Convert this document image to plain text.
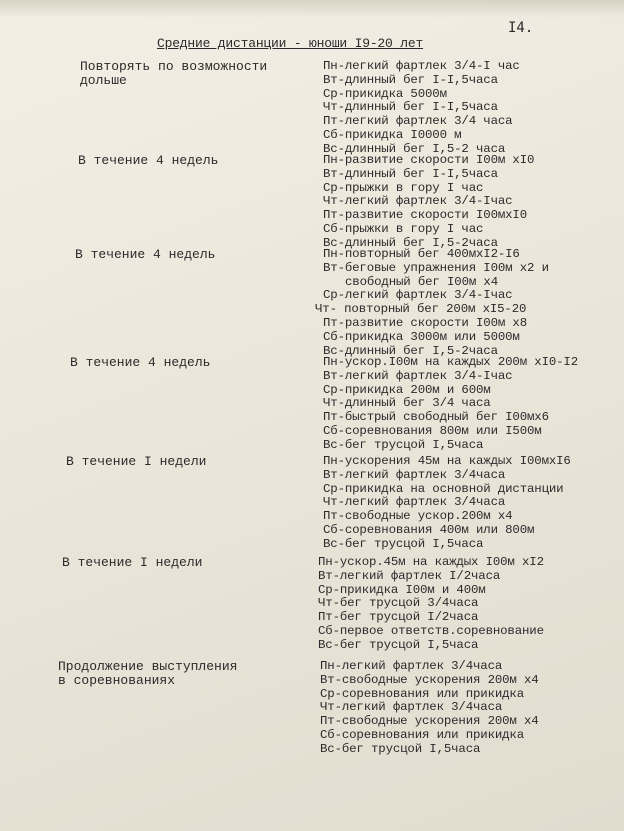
I4.
Средние дистанции - юноши I9-20 лет
Повторять по возможности
дольше
Пн-легкий фартлек 3/4-I час
Вт-длинный бег I-I,5часа
Ср-прикидка 5000м
Чт-длинный бег I-I,5часа
Пт-легкий фартлек 3/4 часа
Сб-прикидка I0000 м
Вс-длинный бег I,5-2 часа
В течение 4 недель	Пн-развитие скорости I00м хI0
Вт-длинный бег I-I,5часа
Ср-прыжки в гору I час
Чт-легкий фартлек 3/4-Iчас
Пт-развитие скорости I00мхI0
Сб-прыжки в гору I час
Вс-длинный бег I,5-2часа
В течение 4 недель	Пн-повторный бег 400мхI2-I6
Вт-беговые упражнения I00м х2 и
свободный бег I00м х4
Ср-легкий фартлек 3/4-Iчас
Чт- повторный бег 200м хI5-20
Пт-развитие скорости I00м х8
Сб-прикидка 3000м или 5000м
Вс-длинный бег I,5-2часа
В течение 4 недель	Пн-ускор.I00м на каждых 200м хI0-I2
Вт-легкий фартлек 3/4-Iчас
Ср-прикидка 200м и 600м
Чт-длинный бег 3/4 часа
Пт-быстрый свободный бег I00мх6
Сб-соревнования 800м или I500м
Вс-бег трусцой I,5часа
В течение I недели	Пн-ускорения 45м на каждых I00мхI6
Вт-легкий фартлек 3/4часа
Ср-прикидка на основной дистанции
Чт-легкий фартлек 3/4часа
Пт-свободные ускор.200м х4
Сб-соревнования 400м или 800м
Вс-бег трусцой I,5часа
В течение I недели	Пн-ускор.45м на каждых I00м хI2
Вт-легкий фартлек I/2часа
Ср-прикидка I00м и 400м
Чт-бег трусцой 3/4часа
Пт-бег трусцой I/2часа
Сб-первое ответств.соревнование
Вс-бег трусцой I,5часа
Продолжение выступления
в соревнованиях
Пн-легкий фартлек 3/4часа
Вт-свободные ускорения 200м х4
Ср-соревнования или прикидка
Чт-легкий фартлек 3/4часа
Пт-свободные ускорения 200м х4
Сб-соревнования или прикидка
Вс-бег трусцой I,5часа
